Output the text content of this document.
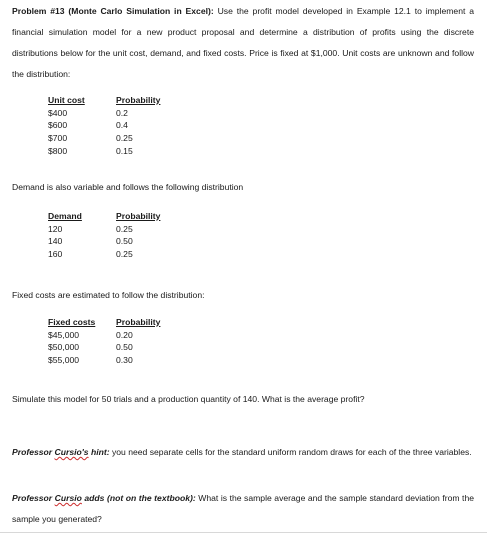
Problem #13 (Monte Carlo Simulation in Excel): Use the profit model developed in Example 12.1 to implement a financial simulation model for a new product proposal and determine a distribution of profits using the discrete distributions below for the unit cost, demand, and fixed costs. Price is fixed at $1,000. Unit costs are unknown and follow the distribution:
Unit cost	Probability
$400	0.2
$600	0.4
$700	0.25
$800	0.15
Demand is also variable and follows the following distribution
Demand	Probability
120	0.25
140	0.50
160	0.25
Fixed costs are estimated to follow the distribution:
Fixed costs	Probability
$45,000	0.20
$50,000	0.50
$55,000	0.30
Simulate this model for 50 trials and a production quantity of 140. What is the average profit?
Professor Cursio's hint: you need separate cells for the standard uniform random draws for each of the three variables.
Professor Cursio adds (not on the textbook): What is the sample average and the sample standard deviation from the sample you generated?
